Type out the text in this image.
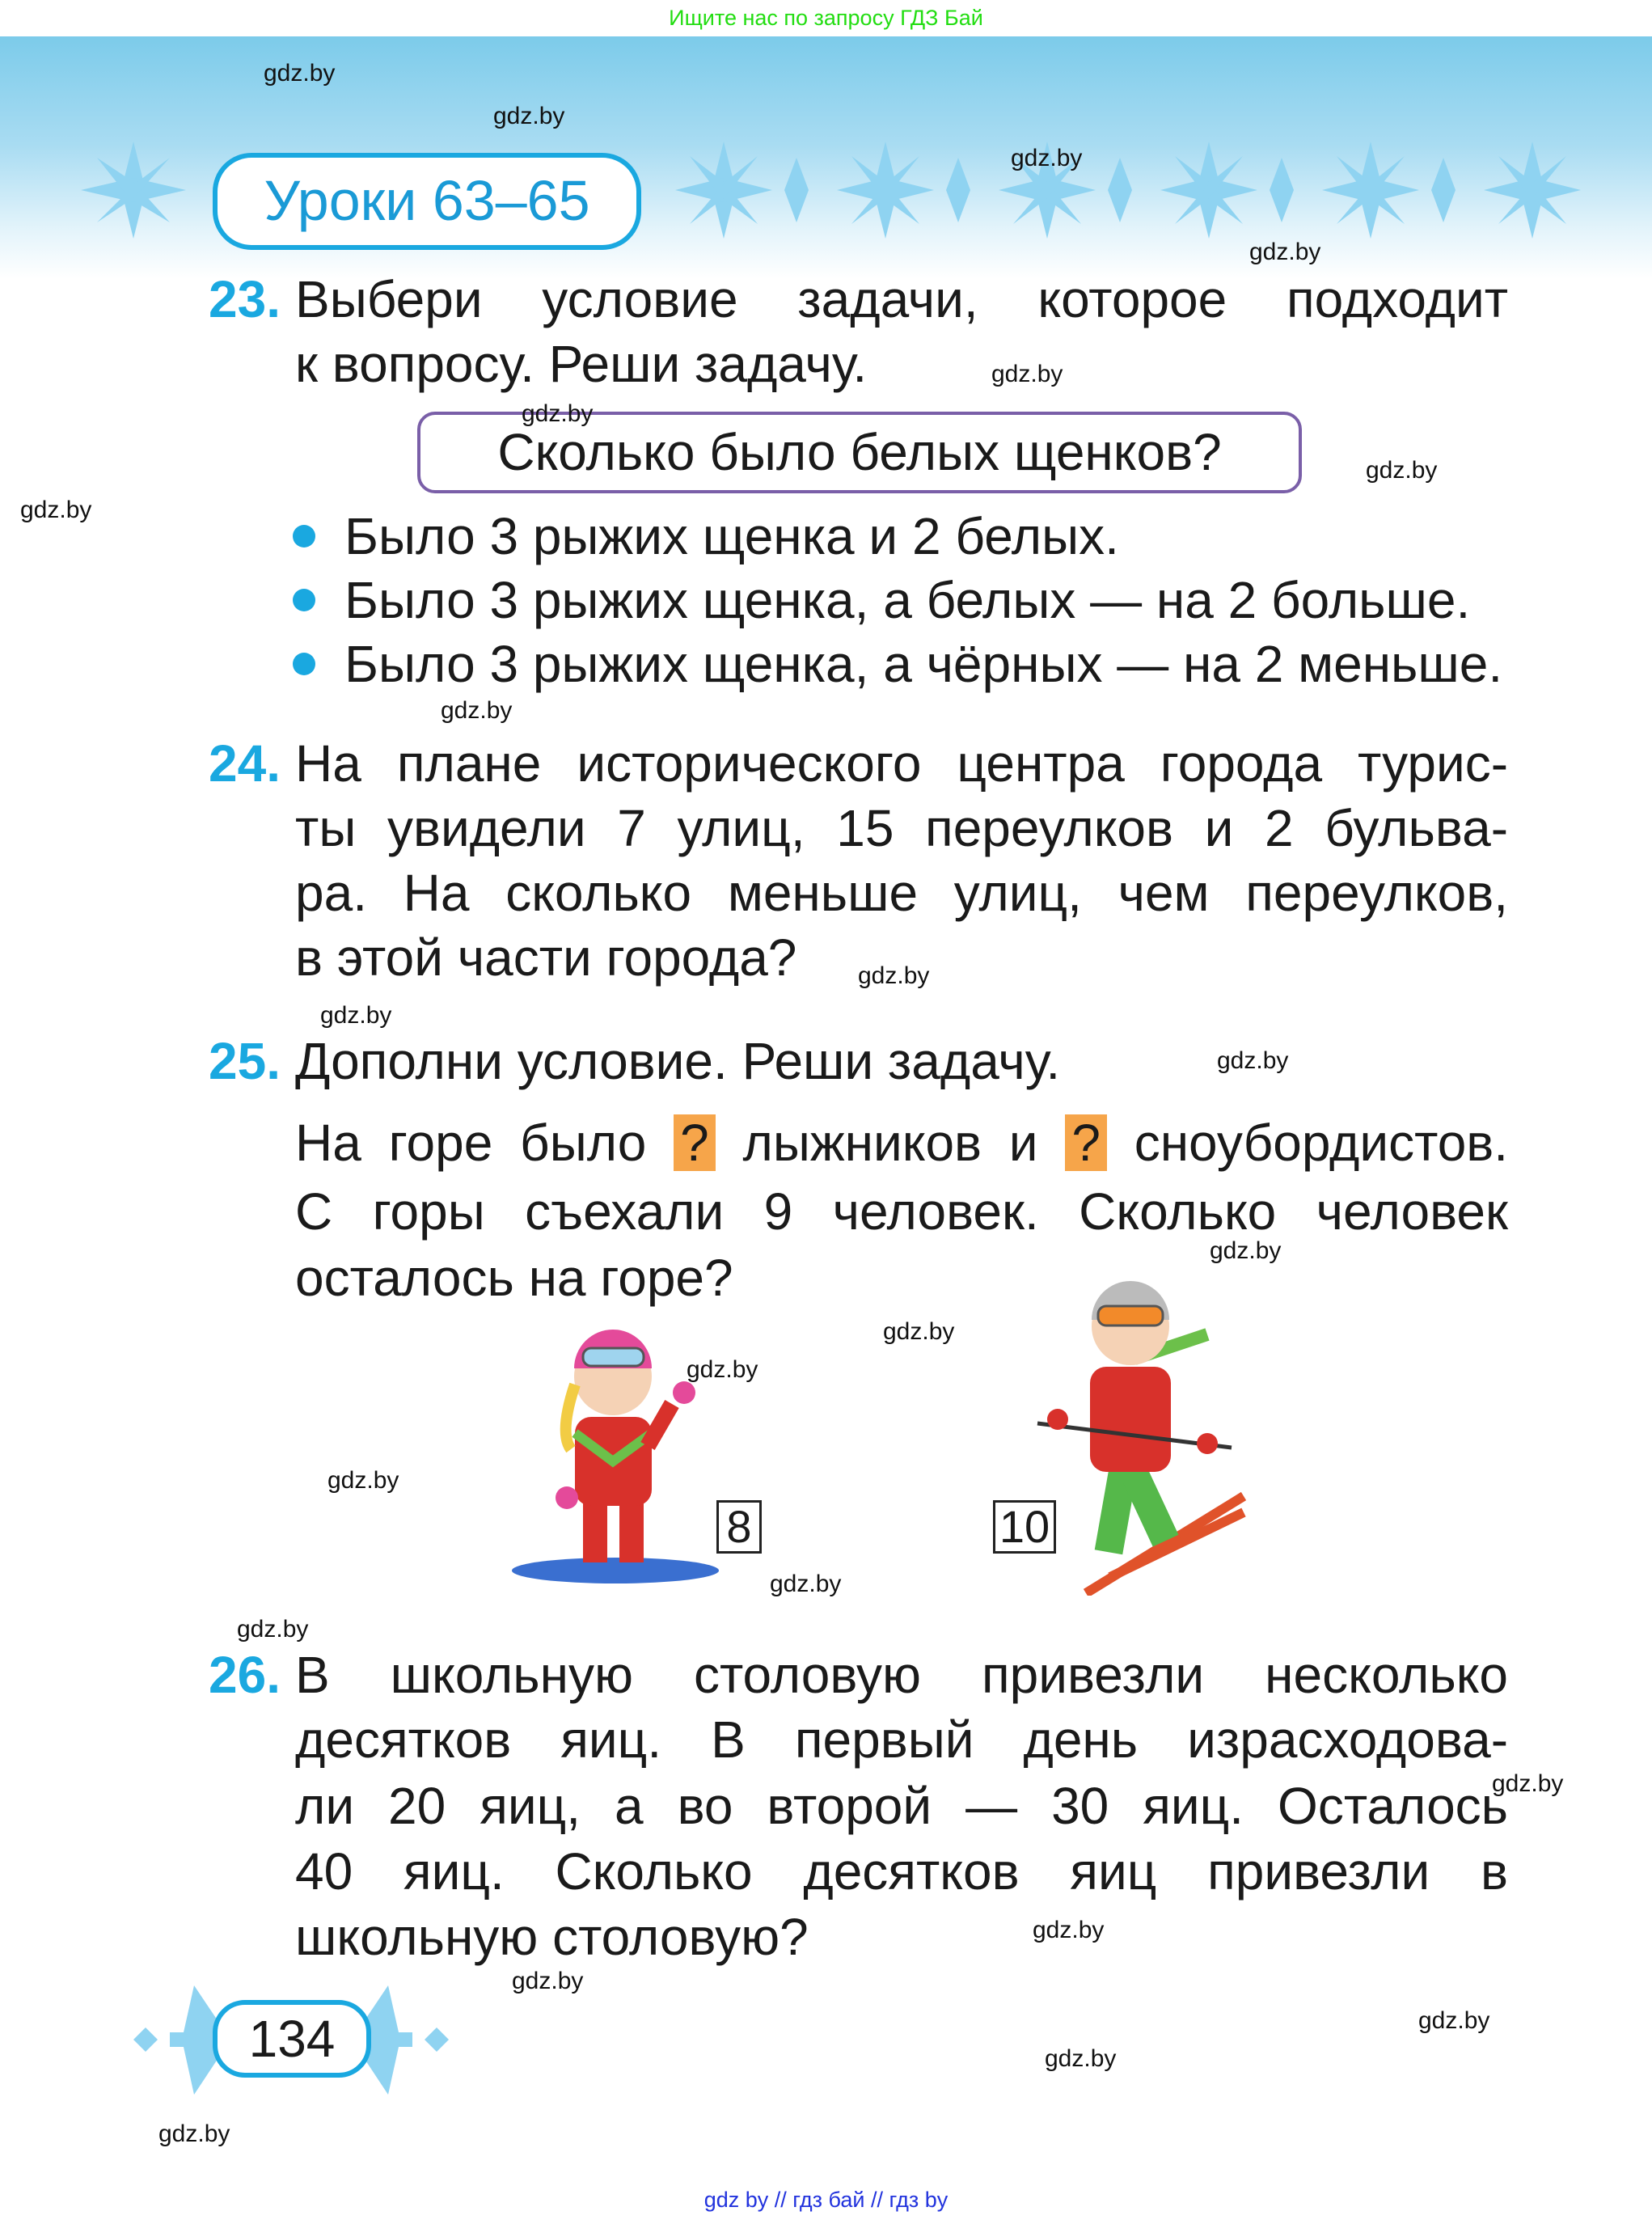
Ищите нас по запросу ГДЗ Бай
Уроки 63–65
23. Выбери условие задачи, которое подходит
к вопросу. Реши задачу.
Сколько было белых щенков?
Было 3 рыжих щенка и 2 белых.
Было 3 рыжих щенка, а белых — на 2 больше.
Было 3 рыжих щенка, а чёрных — на 2 меньше.
24. На плане исторического центра города турис-
ты увидели 7 улиц, 15 переулков и 2 бульва-
ра. На сколько меньше улиц, чем переулков,
в этой части города?
25. Дополни условие. Реши задачу.
На горе было ? лыжников и ? сноубордистов.
С горы съехали 9 человек. Сколько человек
осталось на горе?
8	10
26. В школьную столовую привезли несколько
десятков яиц. В первый день израсходова-
ли 20 яиц, а во второй — 30 яиц. Осталось
40 яиц. Сколько десятков яиц привезли в
школьную столовую?
134
gdz by // гдз бай // гдз by
gdz.by
gdz.by
gdz.by
gdz.by
gdz.by
gdz.by
gdz.by
gdz.by
gdz.by
gdz.by
gdz.by
gdz.by
gdz.by
gdz.by
gdz.by
gdz.by
gdz.by
gdz.by
gdz.by
gdz.by
gdz.by
gdz.by
gdz.by
gdz.by
